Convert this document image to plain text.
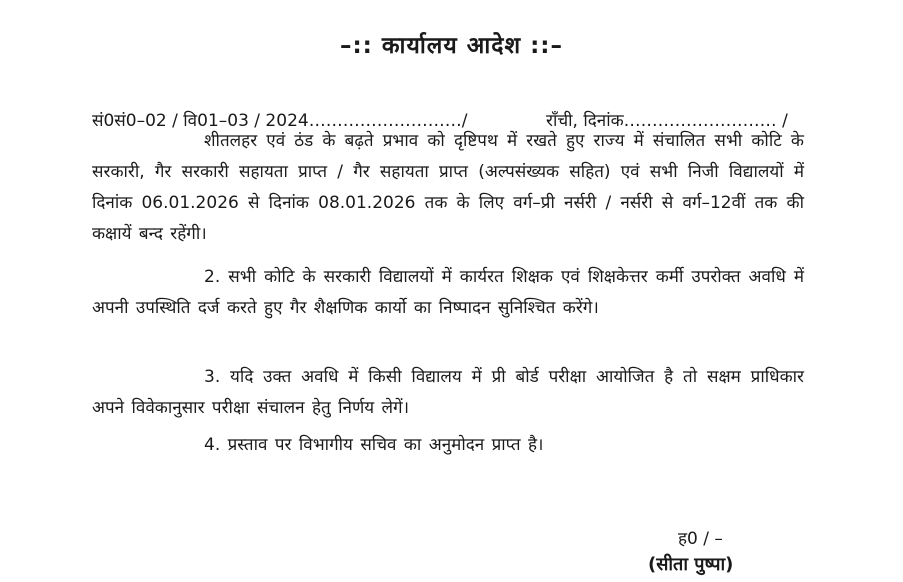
–:: कार्यालय आदेश ::–
सं0सं0–02 / वि01–03 / 2024………………………/	राँची, दिनांक……………………… /
शीतलहर एवं ठंड के बढ़ते प्रभाव को दृष्टिपथ में रखते हुए राज्य में संचालित सभी कोटि के सरकारी, गैर सरकारी सहायता प्राप्त / गैर सहायता प्राप्त (अल्पसंख्यक सहित) एवं सभी निजी विद्यालयों में दिनांक 06.01.2026 से दिनांक 08.01.2026 तक के लिए वर्ग–प्री नर्सरी / नर्सरी से वर्ग–12वीं तक की कक्षायें बन्द रहेंगी।
2. सभी कोटि के सरकारी विद्यालयों में कार्यरत शिक्षक एवं शिक्षकेत्तर कर्मी उपरोक्त अवधि में अपनी उपस्थिति दर्ज करते हुए गैर शैक्षणिक कार्यो का निष्पादन सुनिश्चित करेंगे।
3. यदि उक्त अवधि में किसी विद्यालय में प्री बोर्ड परीक्षा आयोजित है तो सक्षम प्राधिकार अपने विवेकानुसार परीक्षा संचालन हेतु निर्णय लेगें।
4. प्रस्ताव पर विभागीय सचिव का अनुमोदन प्राप्त है।
ह0 / –
(सीता पुष्पा)
